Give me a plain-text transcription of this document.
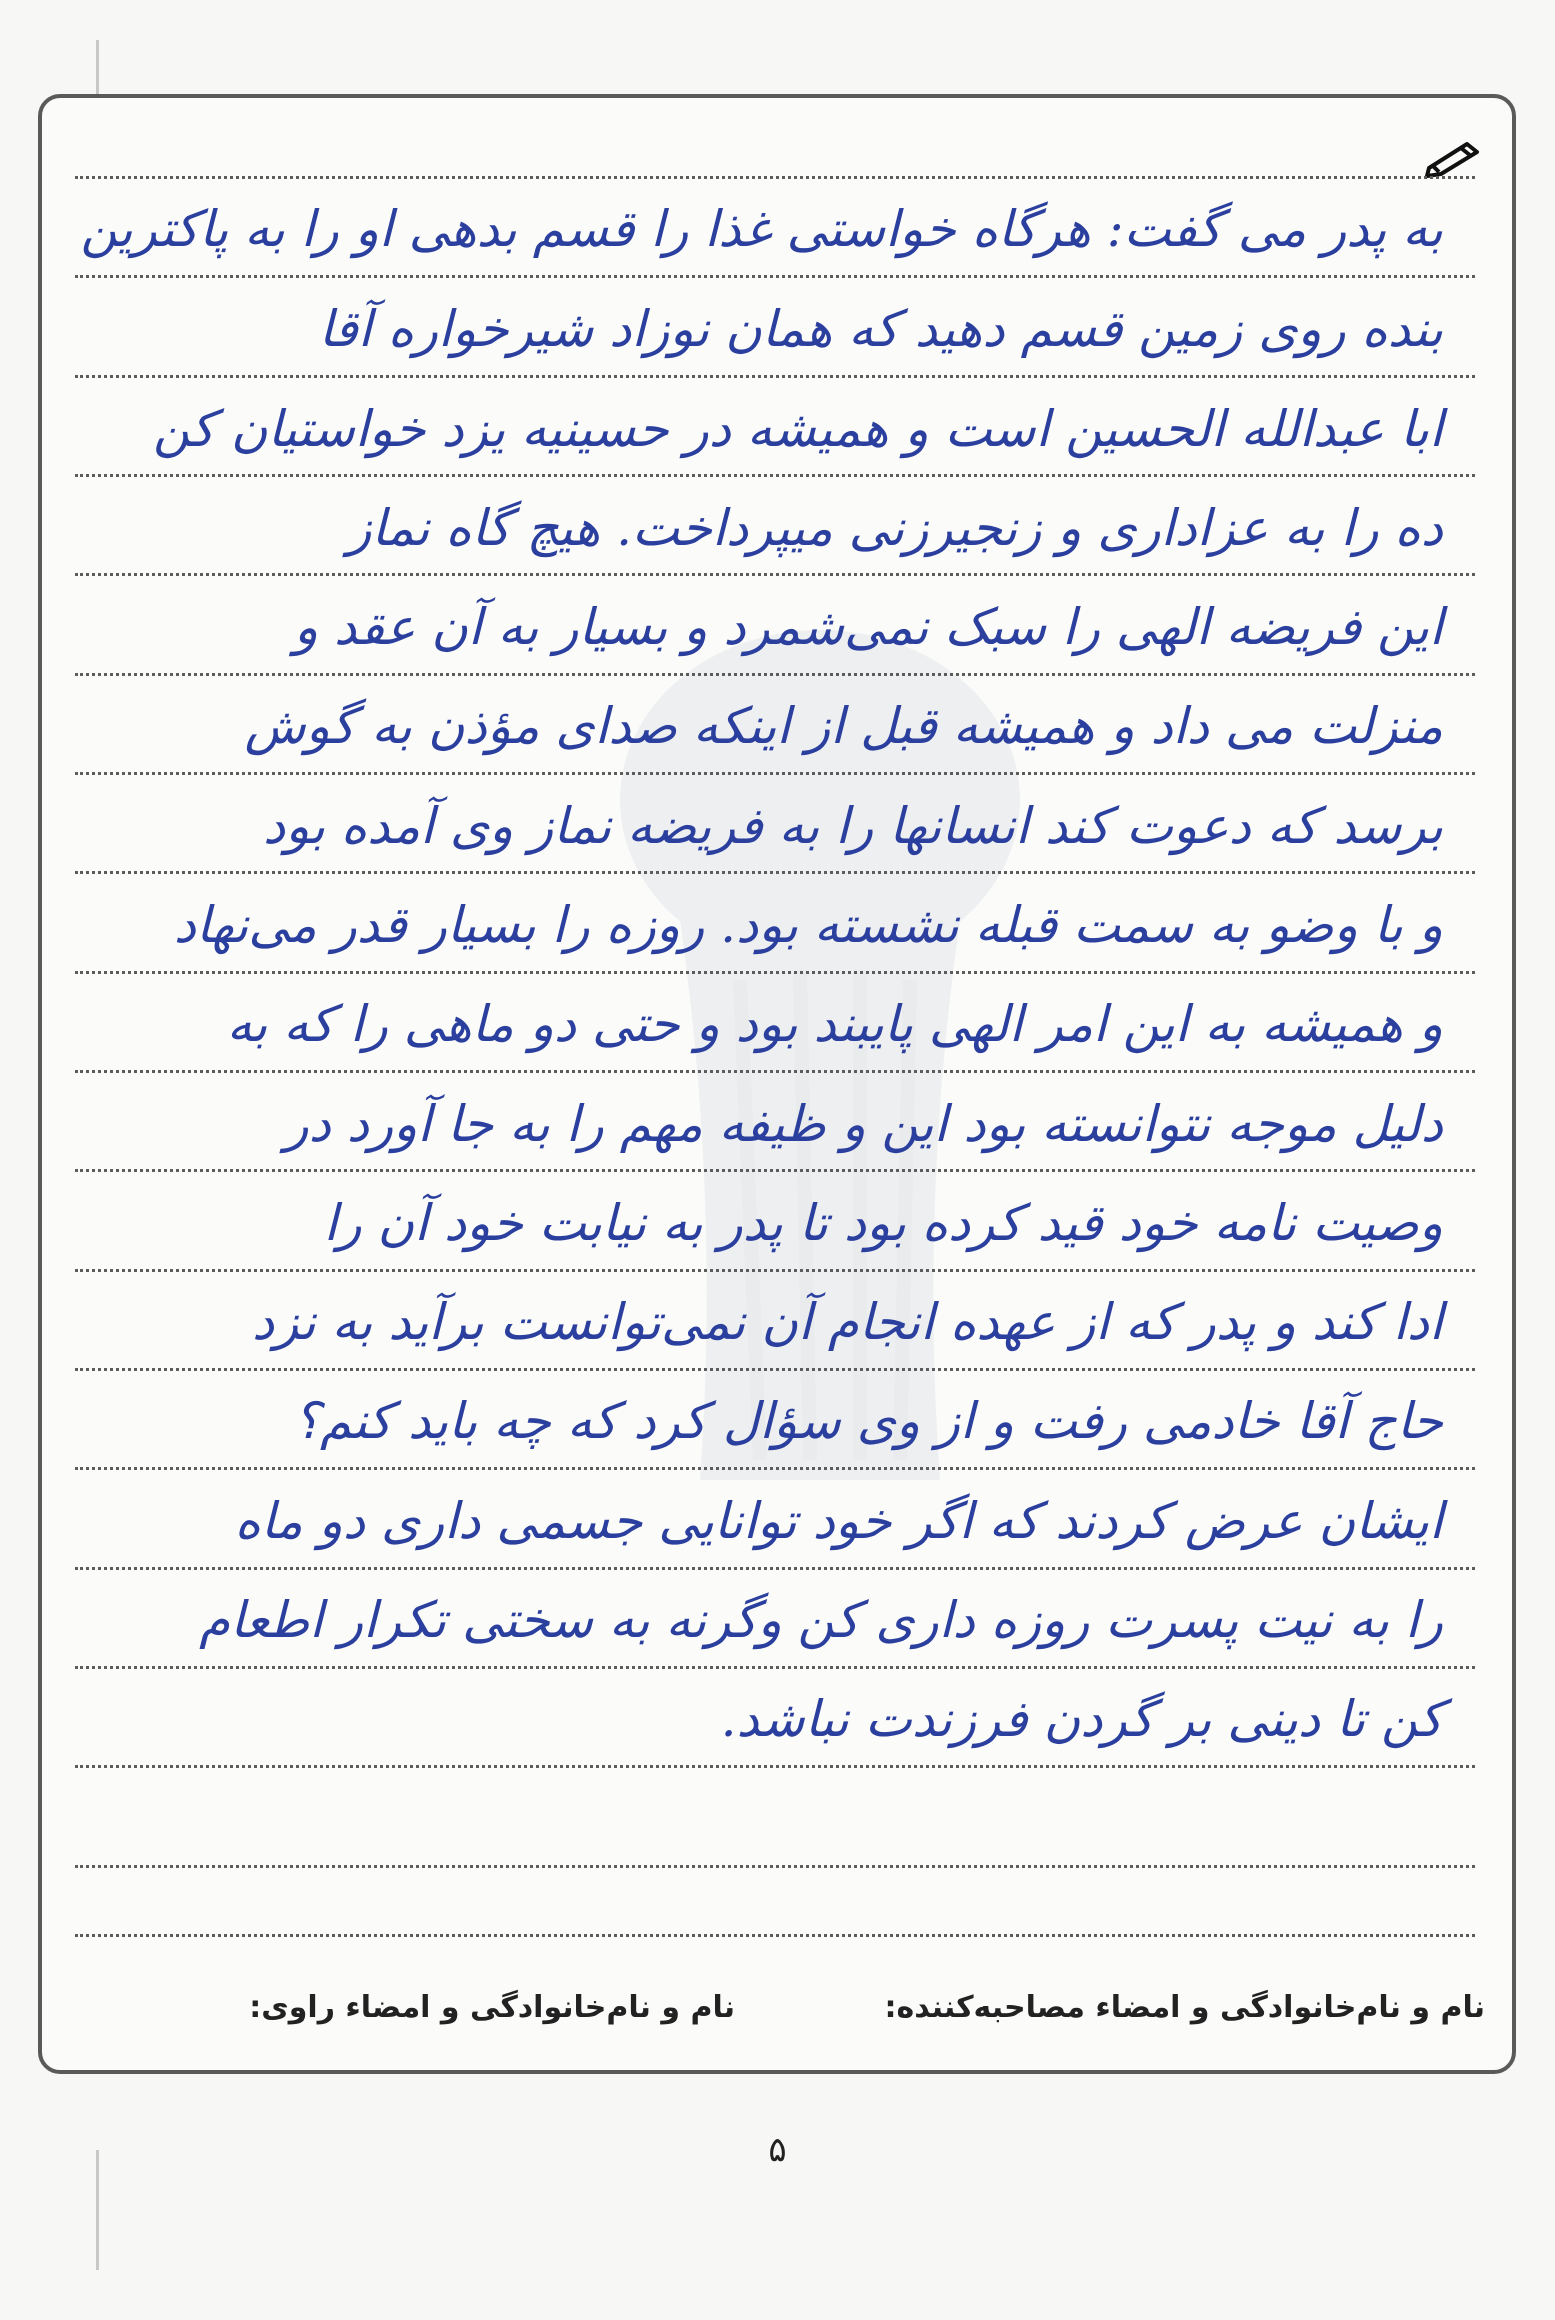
به پدر می گفت: هرگاه خواستی غذا را قسم بدهی او را به پاکترین
بنده روی زمین قسم دهید که همان نوزاد شیرخواره آقا
ابا عبدالله الحسین است و همیشه در حسینیه یزد خواستیان کن
ده را به عزاداری و زنجیرزنی میپرداخت. هیچ گاه نماز
این فریضه الهی را سبک نمی‌شمرد و بسیار به آن عقد و
منزلت می داد و همیشه قبل از اینکه صدای مؤذن به گوش
برسد که دعوت کند انسانها را به فریضه نماز وی آمده بود
و با وضو به سمت قبله نشسته بود. روزه را بسیار قدر می‌نهاد
و همیشه به این امر الهی پایبند بود و حتی دو ماهی را که به
دلیل موجه نتوانسته بود این و ظیفه مهم را به جا آورد در
وصیت نامه خود قید کرده بود تا پدر به نیابت خود آن را
ادا کند و پدر که از عهده انجام آن نمی‌توانست برآید به نزد
حاج آقا خادمی رفت و از وی سؤال کرد که چه باید کنم؟
ایشان عرض کردند که اگر خود توانایی جسمی داری دو ماه
را به نیت پسرت روزه داری کن وگرنه به سختی تکرار اطعام
کن تا دینی بر گردن فرزندت نباشد.
نام و نام‌خانوادگی و امضاء مصاحبه‌کننده:
نام و نام‌خانوادگی و امضاء راوی:
۵
